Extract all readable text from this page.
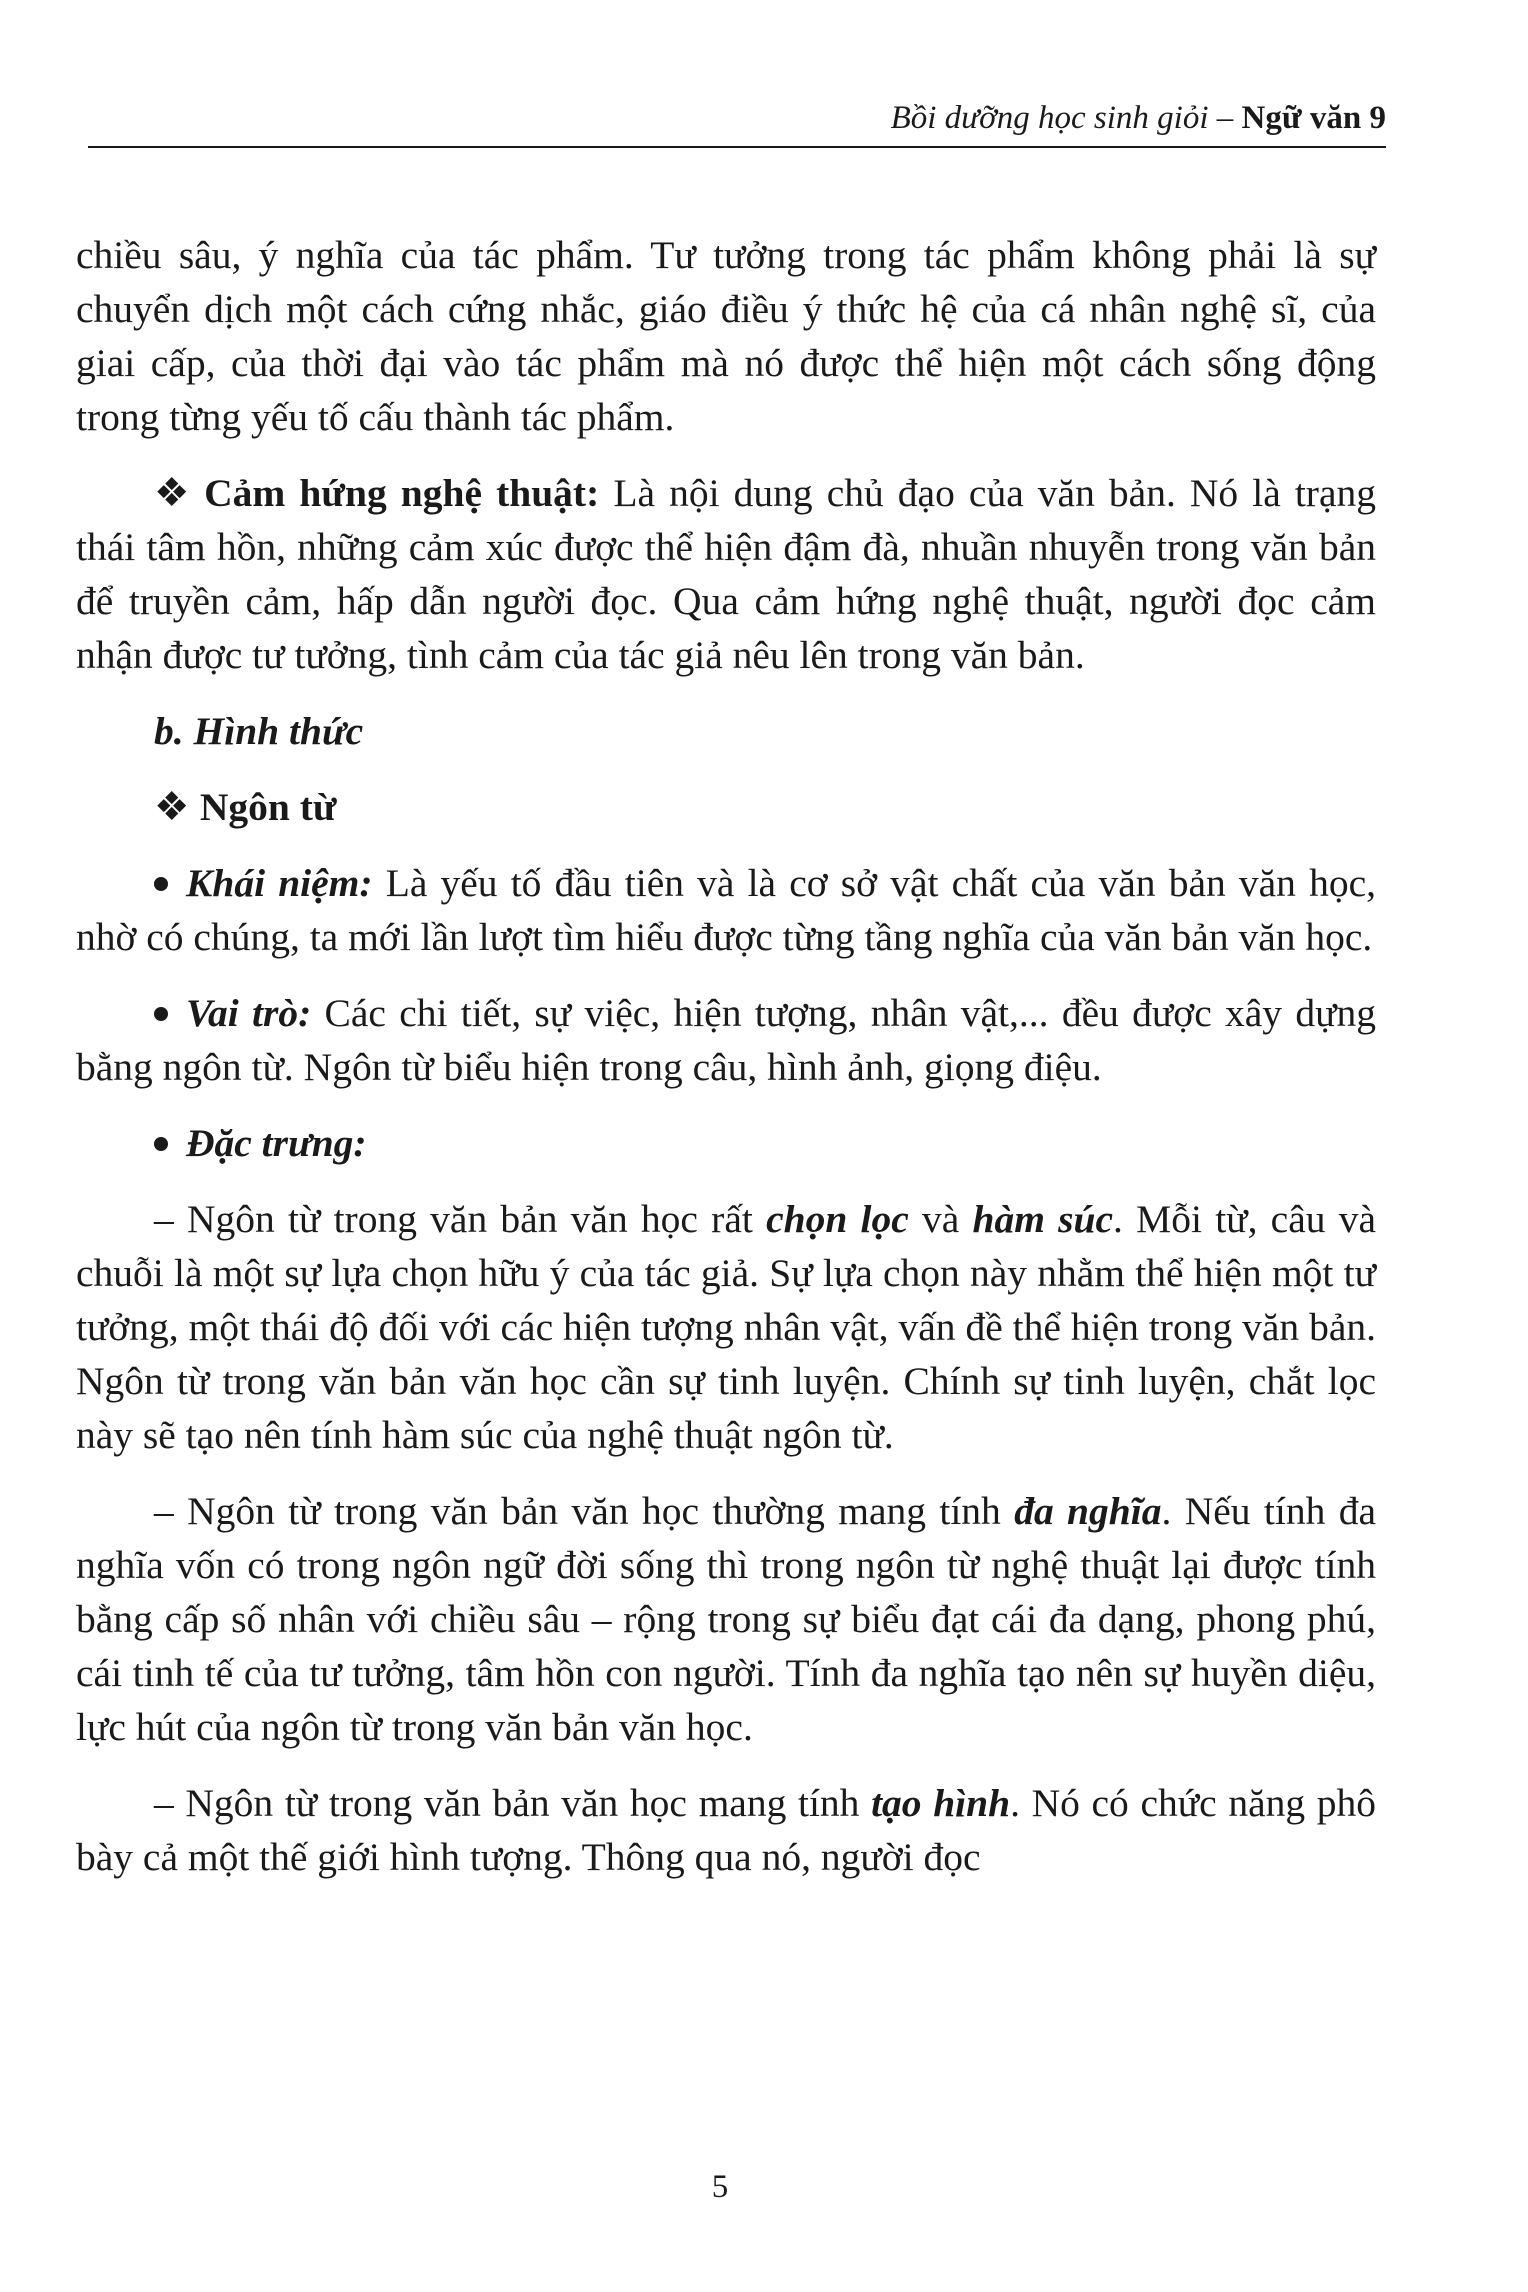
Bồi dưỡng học sinh giỏi – Ngữ văn 9

chiều sâu, ý nghĩa của tác phẩm. Tư tưởng trong tác phẩm không phải là sự chuyển dịch một cách cứng nhắc, giáo điều ý thức hệ của cá nhân nghệ sĩ, của giai cấp, của thời đại vào tác phẩm mà nó được thể hiện một cách sống động trong từng yếu tố cấu thành tác phẩm.

❖ Cảm hứng nghệ thuật: Là nội dung chủ đạo của văn bản. Nó là trạng thái tâm hồn, những cảm xúc được thể hiện đậm đà, nhuần nhuyễn trong văn bản để truyền cảm, hấp dẫn người đọc. Qua cảm hứng nghệ thuật, người đọc cảm nhận được tư tưởng, tình cảm của tác giả nêu lên trong văn bản.

b. Hình thức

❖ Ngôn từ

Khái niệm: Là yếu tố đầu tiên và là cơ sở vật chất của văn bản văn học, nhờ có chúng, ta mới lần lượt tìm hiểu được từng tầng nghĩa của văn bản văn học.

Vai trò: Các chi tiết, sự việc, hiện tượng, nhân vật,... đều được xây dựng bằng ngôn từ. Ngôn từ biểu hiện trong câu, hình ảnh, giọng điệu.

Đặc trưng:

– Ngôn từ trong văn bản văn học rất chọn lọc và hàm súc. Mỗi từ, câu và chuỗi là một sự lựa chọn hữu ý của tác giả. Sự lựa chọn này nhằm thể hiện một tư tưởng, một thái độ đối với các hiện tượng nhân vật, vấn đề thể hiện trong văn bản. Ngôn từ trong văn bản văn học cần sự tinh luyện. Chính sự tinh luyện, chắt lọc này sẽ tạo nên tính hàm súc của nghệ thuật ngôn từ.

– Ngôn từ trong văn bản văn học thường mang tính đa nghĩa. Nếu tính đa nghĩa vốn có trong ngôn ngữ đời sống thì trong ngôn từ nghệ thuật lại được tính bằng cấp số nhân với chiều sâu – rộng trong sự biểu đạt cái đa dạng, phong phú, cái tinh tế của tư tưởng, tâm hồn con người. Tính đa nghĩa tạo nên sự huyền diệu, lực hút của ngôn từ trong văn bản văn học.

– Ngôn từ trong văn bản văn học mang tính tạo hình. Nó có chức năng phô bày cả một thế giới hình tượng. Thông qua nó, người đọc

5
